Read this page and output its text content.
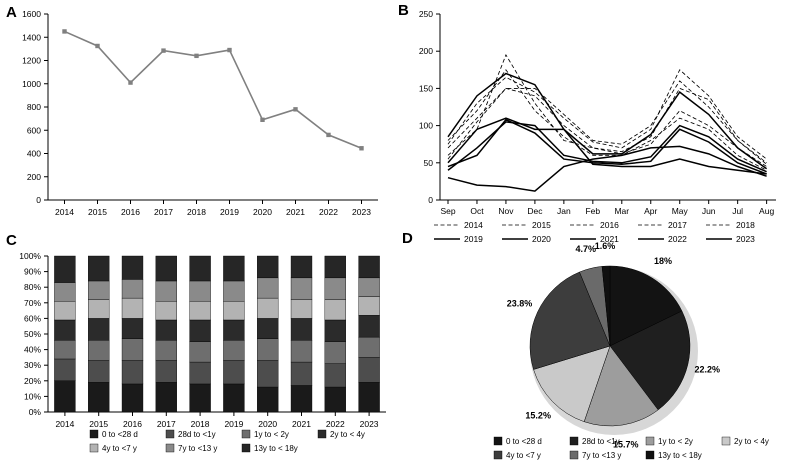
A
0
200
400
600
800
1000
1200
1400
1600
2014 2015 2016 2017 2018 2019 2020 2021 2022 2023
B
0
50
100
150
200
250
Sep Oct Nov Dec Jan Feb Mar Apr May Jun Jul Aug
2014	2015	2016	2017	2018
2019	2020	2021	2022	2023
C
0%
10%
20%
30%
40%
50%
60%
70%
80%
90%
100%
2014 2015 2016 2017 2018 2019 2020 2021 2022 2023
0 to <28 d	28d to <1y	1y to < 2y	2y to < 4y
4y to <7 y	7y to <13 y	13y to < 18y
D
18%
22.2%
15.7%
15.2%
23.8%
4.7%
1.6%
0 to <28 d	28d to <1y	1y to < 2y	2y to < 4y
4y to <7 y	7y to <13 y	13y to < 18y
